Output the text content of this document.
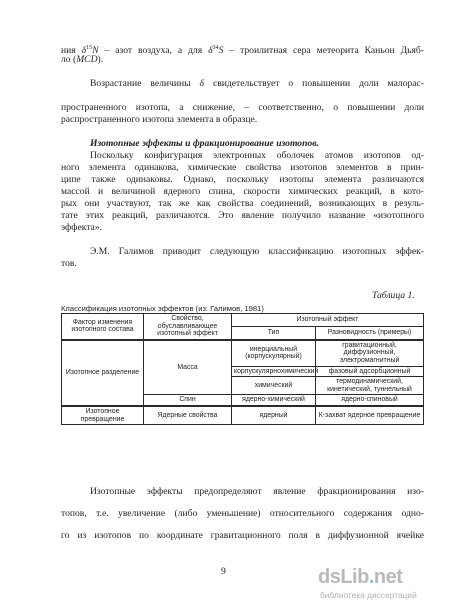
ния $\delta^{15}N$ – азот воздуха, а для $\delta^{34}S$ – троилитная сера метеорита Каньон Дьяб-
ло (MCD).
Возрастание величины δ свидетельствует о повышении доли малорас-
пространенного изотопа, а снижение, – соответственно, о повышении доли
распространенного изотопа элемента в образце.
Изотопные эффекты и фракционирование изотопов.
Поскольку конфигурация электронных оболочек атомов изотопов од-
ного элемента одинакова, химические свойства изотопов элементов в прин-
ципе также одинаковы. Однако, поскольку изотопы элемента различаются
массой и величиной ядерного спина, скорости химических реакций, в кото-
рых они участвуют, так же как свойства соединений, возникающих в резуль-
Таблица 1.
Классификация изотопных эффектов (из: Галимов, 1981)
Фактор изменения изотопного состава	Свойство, обуславливающее изотопный эффект	Изотопный эффект	
		Тип	Разновидность (примеры)
Изотопное разделение	Масса	инерциальный (корпускулярный)	гравитационный, диффузионный, электромагнитный
		корпускулярнохимический	фазовый адсорбционный
		химический	термодинамический, кинетический, туннельный
	Спин	ядерно-химический	ядерно-спиновый
Изотопное превращение	Ядерные свойства	ядерный	К-захват ядерное превращение
Изотопные эффекты предопределяют явление фракционирования изо-
топов, т.е. увеличение (либо уменьшение) относительного содержания одно-
9	dsLib.net
библиотека диссертаций
тате этих реакций, различаются. Это явление получило название «изотопного
эффекта».
Э.М. Галимов приводит следующую классификацию изотопных эффек-
тов.
го из изотопов по координате гравитационного поля в диффузионной ячейке
